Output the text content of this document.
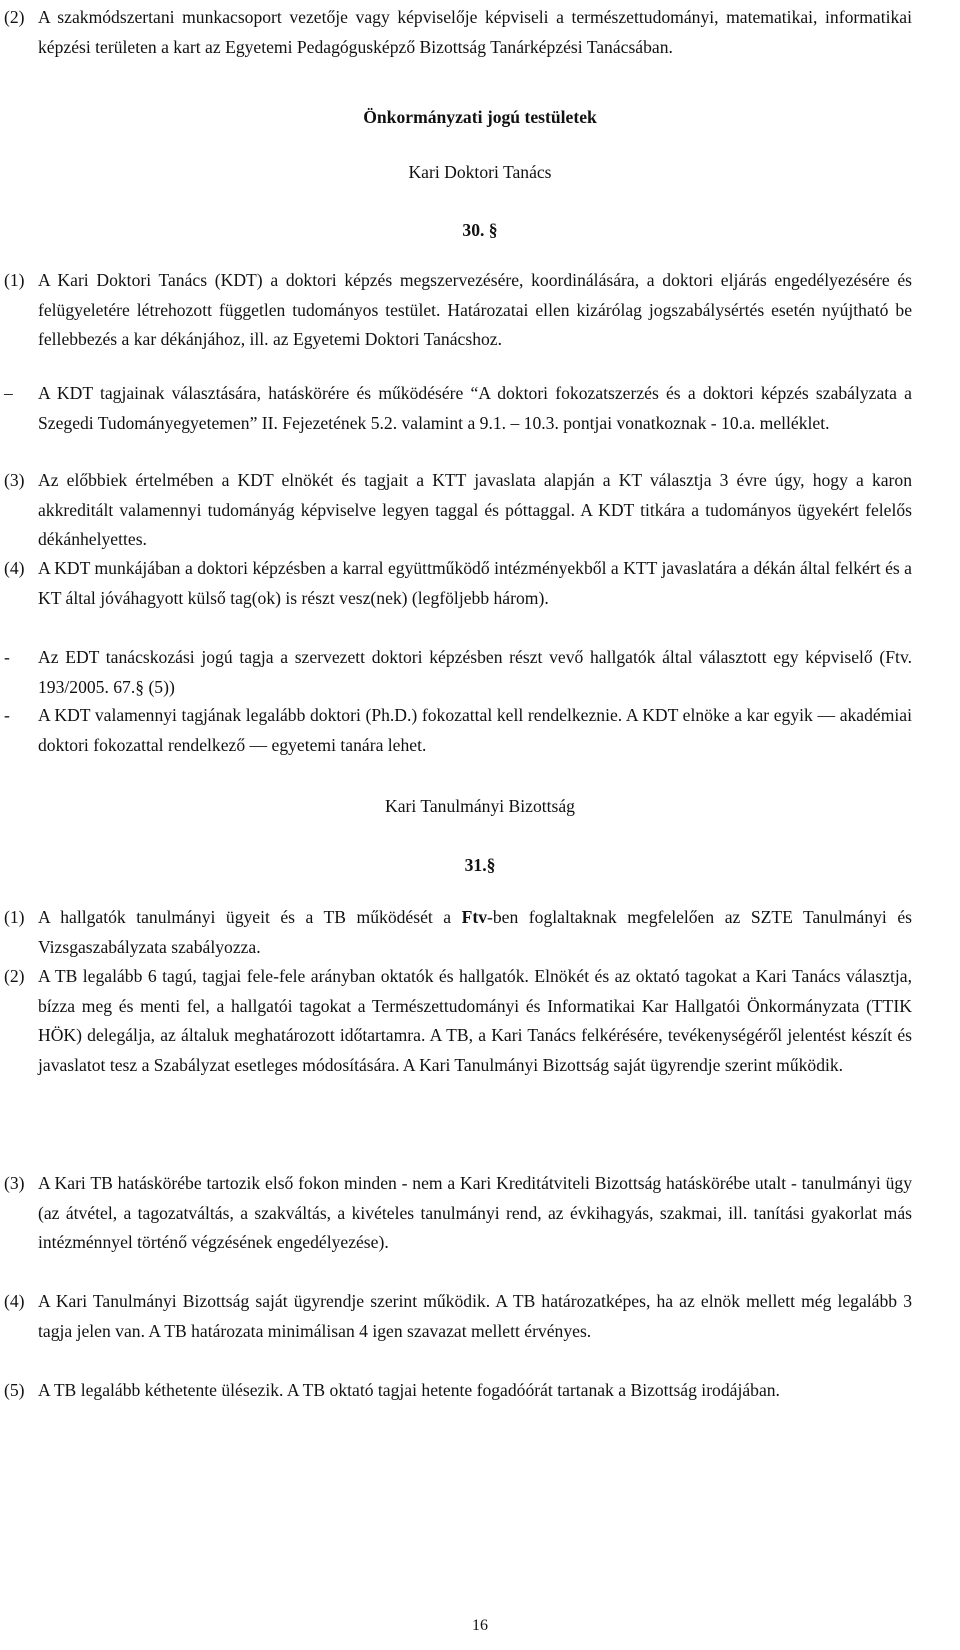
(2) A szakmódszertani munkacsoport vezetője vagy képviselője képviseli a természettudományi, matematikai, informatikai képzési területen a kart az Egyetemi Pedagógusképző Bizottság Tanárképzési Tanácsában.
Önkormányzati jogú testületek
Kari Doktori Tanács
30. §
(1) A Kari Doktori Tanács (KDT) a doktori képzés megszervezésére, koordinálására, a doktori eljárás engedélyezésére és felügyeletére létrehozott független tudományos testület. Határozatai ellen kizárólag jogszabálysértés esetén nyújtható be fellebbezés a kar dékánjához, ill. az Egyetemi Doktori Tanácshoz.
– A KDT tagjainak választására, hatáskörére és működésére “A doktori fokozatszerzés és a doktori képzés szabályzata a Szegedi Tudományegyetemen” II. Fejezetének 5.2. valamint a 9.1. – 10.3. pontjai vonatkoznak - 10.a. melléklet.
(3) Az előbbiek értelmében a KDT elnökét és tagjait a KTT javaslata alapján a KT választja 3 évre úgy, hogy a karon akkreditált valamennyi tudományág képviselve legyen taggal és póttaggal. A KDT titkára a tudományos ügyekért felelős dékánhelyettes.
(4) A KDT munkájában a doktori képzésben a karral együttműködő intézményekből a KTT javaslatára a dékán által felkért és a KT által jóváhagyott külső tag(ok) is részt vesz(nek) (legföljebb három).
- Az EDT tanácskozási jogú tagja a szervezett doktori képzésben részt vevő hallgatók által választott egy képviselő (Ftv. 193/2005. 67.§ (5))
- A KDT valamennyi tagjának legalább doktori (Ph.D.) fokozattal kell rendelkeznie. A KDT elnöke a kar egyik — akadémiai doktori fokozattal rendelkező — egyetemi tanára lehet.
Kari Tanulmányi Bizottság
31.§
(1) A hallgatók tanulmányi ügyeit és a TB működését a Ftv-ben foglaltaknak megfelelően az SZTE Tanulmányi és Vizsgaszabályzata szabályozza.
(2) A TB legalább 6 tagú, tagjai fele-fele arányban oktatók és hallgatók. Elnökét és az oktató tagokat a Kari Tanács választja, bízza meg és menti fel, a hallgatói tagokat a Természettudományi és Informatikai Kar Hallgatói Önkormányzata (TTIK HÖK) delegálja, az általuk meghatározott időtartamra. A TB, a Kari Tanács felkérésére, tevékenységéről jelentést készít és javaslatot tesz a Szabályzat esetleges módosítására. A Kari Tanulmányi Bizottság saját ügyrendje szerint működik.
(3) A Kari TB hatáskörébe tartozik első fokon minden - nem a Kari Kreditátviteli Bizottság hatáskörébe utalt - tanulmányi ügy (az átvétel, a tagozatváltás, a szakváltás, a kivételes tanulmányi rend, az évkihagyás, szakmai, ill. tanítási gyakorlat más intézménnyel történő végzésének engedélyezése).
(4) A Kari Tanulmányi Bizottság saját ügyrendje szerint működik. A TB határozatképes, ha az elnök mellett még legalább 3 tagja jelen van. A TB határozata minimálisan 4 igen szavazat mellett érvényes.
(5) A TB legalább kéthetente ülésezik. A TB oktató tagjai hetente fogadóórát tartanak a Bizottság irodájában.
16
